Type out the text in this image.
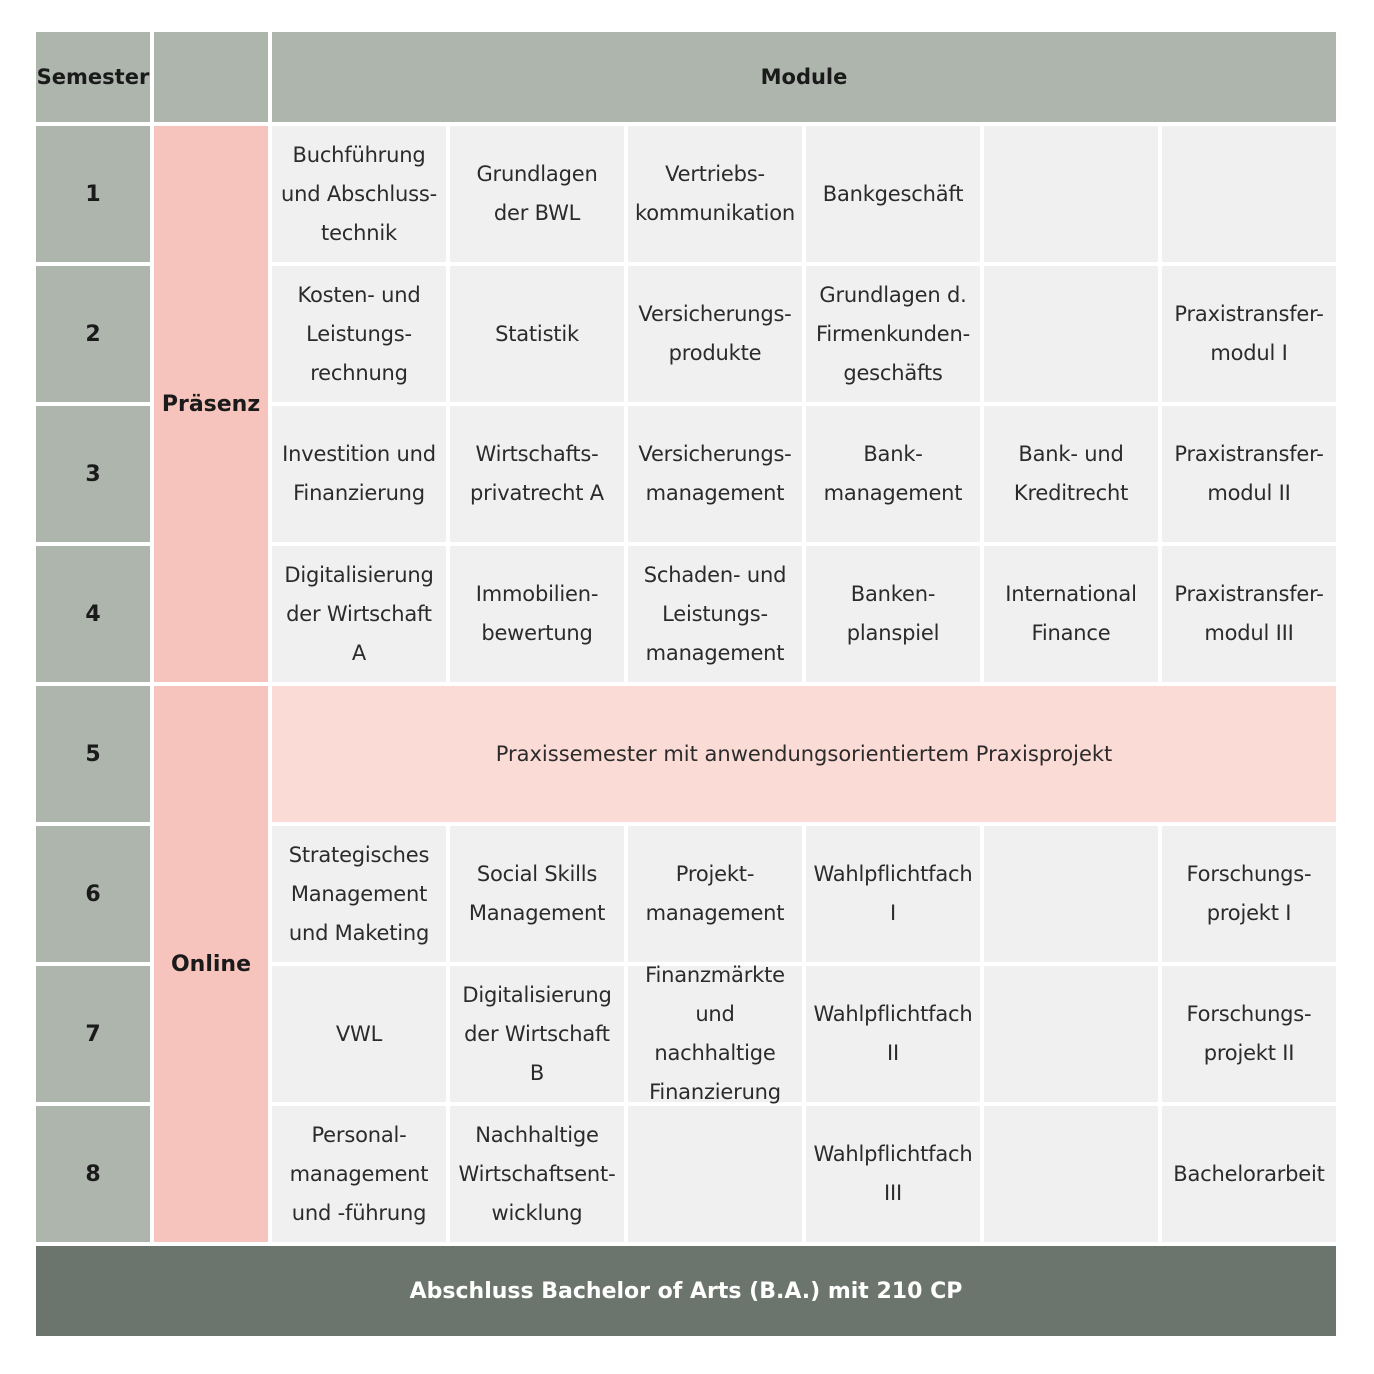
Semester	Module
1
2
3
4
5
6
7
8
Präsenz
Online
Buchführung
und Abschluss-
technik
Grundlagen
der BWL
Vertriebs-
kommunikation
Bankgeschäft
Kosten- und
Leistungs-
rechnung
Statistik
Versicherungs-
produkte
Grundlagen d.
Firmenkunden-
geschäfts
Praxistransfer-
modul I
Investition und
Finanzierung
Wirtschafts-
privatrecht A
Versicherungs-
management
Bank-
management
Bank- und
Kreditrecht
Praxistransfer-
modul II
Digitalisierung
der Wirtschaft A
Immobilien-
bewertung
Schaden- und
Leistungs-
management
Banken-
planspiel
International
Finance
Praxistransfer-
modul III
Praxissemester mit anwendungsorientiertem Praxisprojekt
Strategisches
Management
und Maketing
Social Skills
Management
Projekt-
management
Wahlpflichtfach
I
Forschungs-
projekt I
VWL
Digitalisierung
der Wirtschaft B
Finanzmärkte
und nachhaltige
Finanzierung
Wahlpflichtfach
II
Forschungs-
projekt II
Personal-
management
und -führung
Nachhaltige
Wirtschaftsent-
wicklung
Wahlpflichtfach
III
Bachelorarbeit
Abschluss Bachelor of Arts (B.A.) mit 210 CP
